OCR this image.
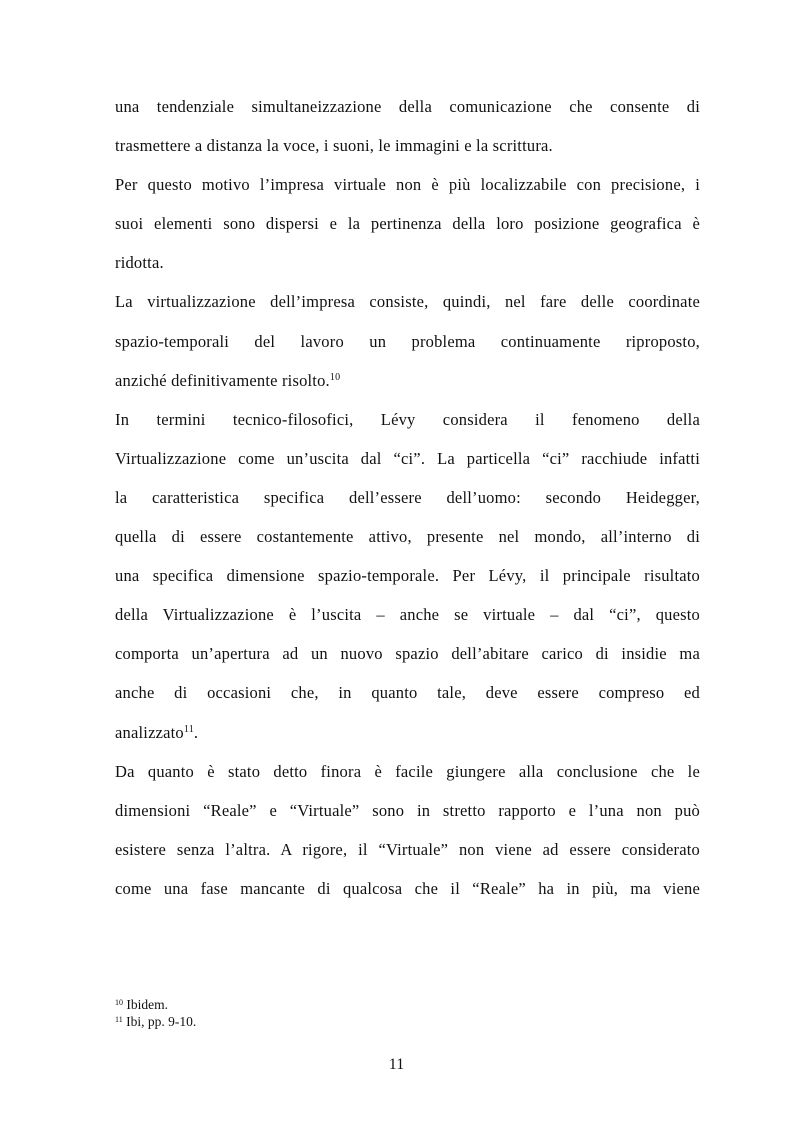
una tendenziale simultaneizzazione della comunicazione che consente di
trasmettere a distanza la voce, i suoni, le immagini e la scrittura.
Per questo motivo l’impresa virtuale non è più localizzabile con precisione, i
suoi elementi sono dispersi e la pertinenza della loro posizione geografica è
ridotta.
La virtualizzazione dell’impresa consiste, quindi, nel fare delle coordinate
spazio-temporali del lavoro un problema continuamente riproposto,
anziché definitivamente risolto.$^{10}$
In termini tecnico-filosofici, Lévy considera il fenomeno della
Virtualizzazione come un’uscita dal “ci”. La particella “ci” racchiude infatti
la caratteristica specifica dell’essere dell’uomo: secondo Heidegger,
quella di essere costantemente attivo, presente nel mondo, all’interno di
una specifica dimensione spazio-temporale. Per Lévy, il principale risultato
della Virtualizzazione è l’uscita – anche se virtuale – dal “ci”, questo
comporta un’apertura ad un nuovo spazio dell’abitare carico di insidie ma
anche di occasioni che, in quanto tale, deve essere compreso ed
analizzato$^{11}$.
Da quanto è stato detto finora è facile giungere alla conclusione che le
dimensioni “Reale” e “Virtuale” sono in stretto rapporto e l’una non può
esistere senza l’altra. A rigore, il “Virtuale” non viene ad essere considerato
come una fase mancante di qualcosa che il “Reale” ha in più, ma viene
$^{10}$ Ibidem.
$^{11}$ Ibi, pp. 9-10.
11
